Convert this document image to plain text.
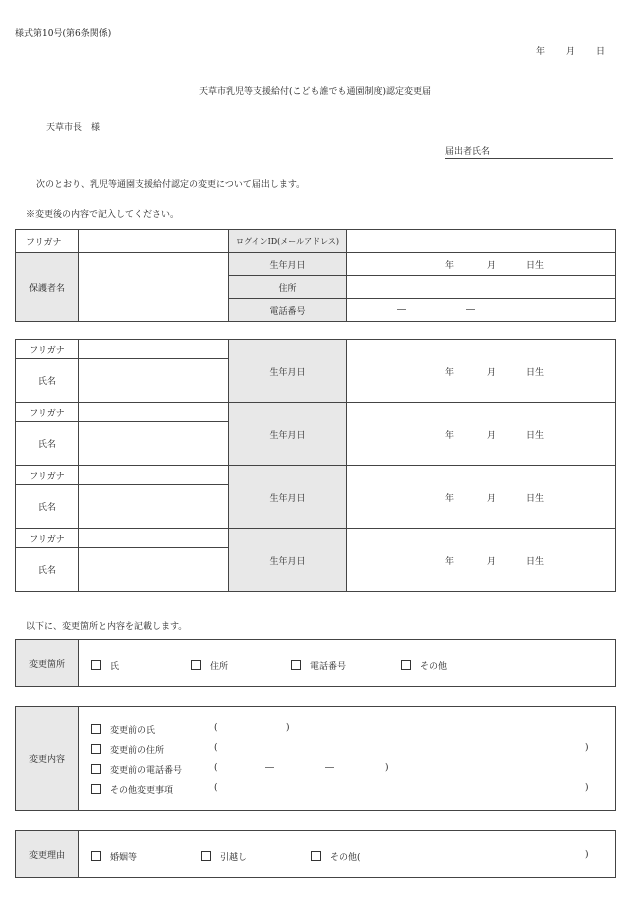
様式第10号(第6条関係)
年 月 日
天草市乳児等支援給付(こども誰でも通園制度)認定変更届
天草市長　様
届出者氏名
次のとおり、乳児等通園支援給付認定の変更について届出します。
※変更後の内容で記入してください。
フリガナ		ログインID(メールアドレス)	
保護者名		生年月日	年 月 日生
		住所	
		電話番号	― ―
フリガナ		生年月日	年 月 日生
氏名			
フリガナ		生年月日	年 月 日生
氏名			
フリガナ		生年月日	年 月 日生
氏名			
フリガナ		生年月日	年 月 日生
氏名			
以下に、変更箇所と内容を記載します。
変更箇所	氏	住所	電話番号	その他
変更内容	
変更前の氏	(	)
変更前の住所	(	)
変更前の電話番号	(	―	―	)
その他変更事項	(	)
変更理由	婚姻等	引越し	その他(	)
